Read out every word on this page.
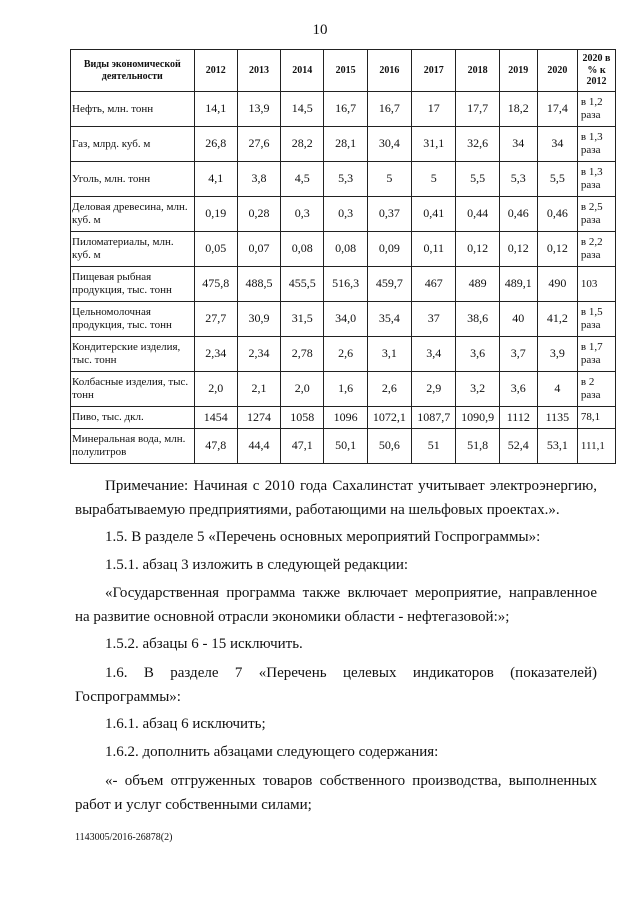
10
Виды экономической деятельности	2012	2013	2014	2015	2016	2017	2018	2019	2020	2020 в % к 2012
Нефть, млн. тонн	14,1	13,9	14,5	16,7	16,7	17	17,7	18,2	17,4	в 1,2 раза
Газ, млрд. куб. м	26,8	27,6	28,2	28,1	30,4	31,1	32,6	34	34	в 1,3 раза
Уголь, млн. тонн	4,1	3,8	4,5	5,3	5	5	5,5	5,3	5,5	в 1,3 раза
Деловая древесина, млн. куб. м	0,19	0,28	0,3	0,3	0,37	0,41	0,44	0,46	0,46	в 2,5 раза
Пиломатериалы, млн. куб. м	0,05	0,07	0,08	0,08	0,09	0,11	0,12	0,12	0,12	в 2,2 раза
Пищевая рыбная продукция, тыс. тонн	475,8	488,5	455,5	516,3	459,7	467	489	489,1	490	103
Цельномолочная продукция, тыс. тонн	27,7	30,9	31,5	34,0	35,4	37	38,6	40	41,2	в 1,5 раза
Кондитерские изделия, тыс. тонн	2,34	2,34	2,78	2,6	3,1	3,4	3,6	3,7	3,9	в 1,7 раза
Колбасные изделия, тыс. тонн	2,0	2,1	2,0	1,6	2,6	2,9	3,2	3,6	4	в 2 раза
Пиво, тыс. дкл.	1454	1274	1058	1096	1072,1	1087,7	1090,9	1112	1135	78,1
Минеральная вода, млн. полулитров	47,8	44,4	47,1	50,1	50,6	51	51,8	52,4	53,1	111,1
Примечание: Начиная с 2010 года Сахалинстат учитывает электроэнергию, вырабатываемую предприятиями, работающими на шельфовых проектах.».
1.5. В разделе 5 «Перечень основных мероприятий Госпрограммы»:
1.5.1. абзац 3 изложить в следующей редакции:
«Государственная программа также включает мероприятие, направленное на развитие основной отрасли экономики области - нефтегазовой:»;
1.5.2. абзацы 6 - 15 исключить.
1.6. В разделе 7 «Перечень целевых индикаторов (показателей) Госпрограммы»:
1.6.1. абзац 6 исключить;
1.6.2. дополнить абзацами следующего содержания:
«- объем отгруженных товаров собственного производства, выполненных работ и услуг собственными силами;
1143005/2016-26878(2)
